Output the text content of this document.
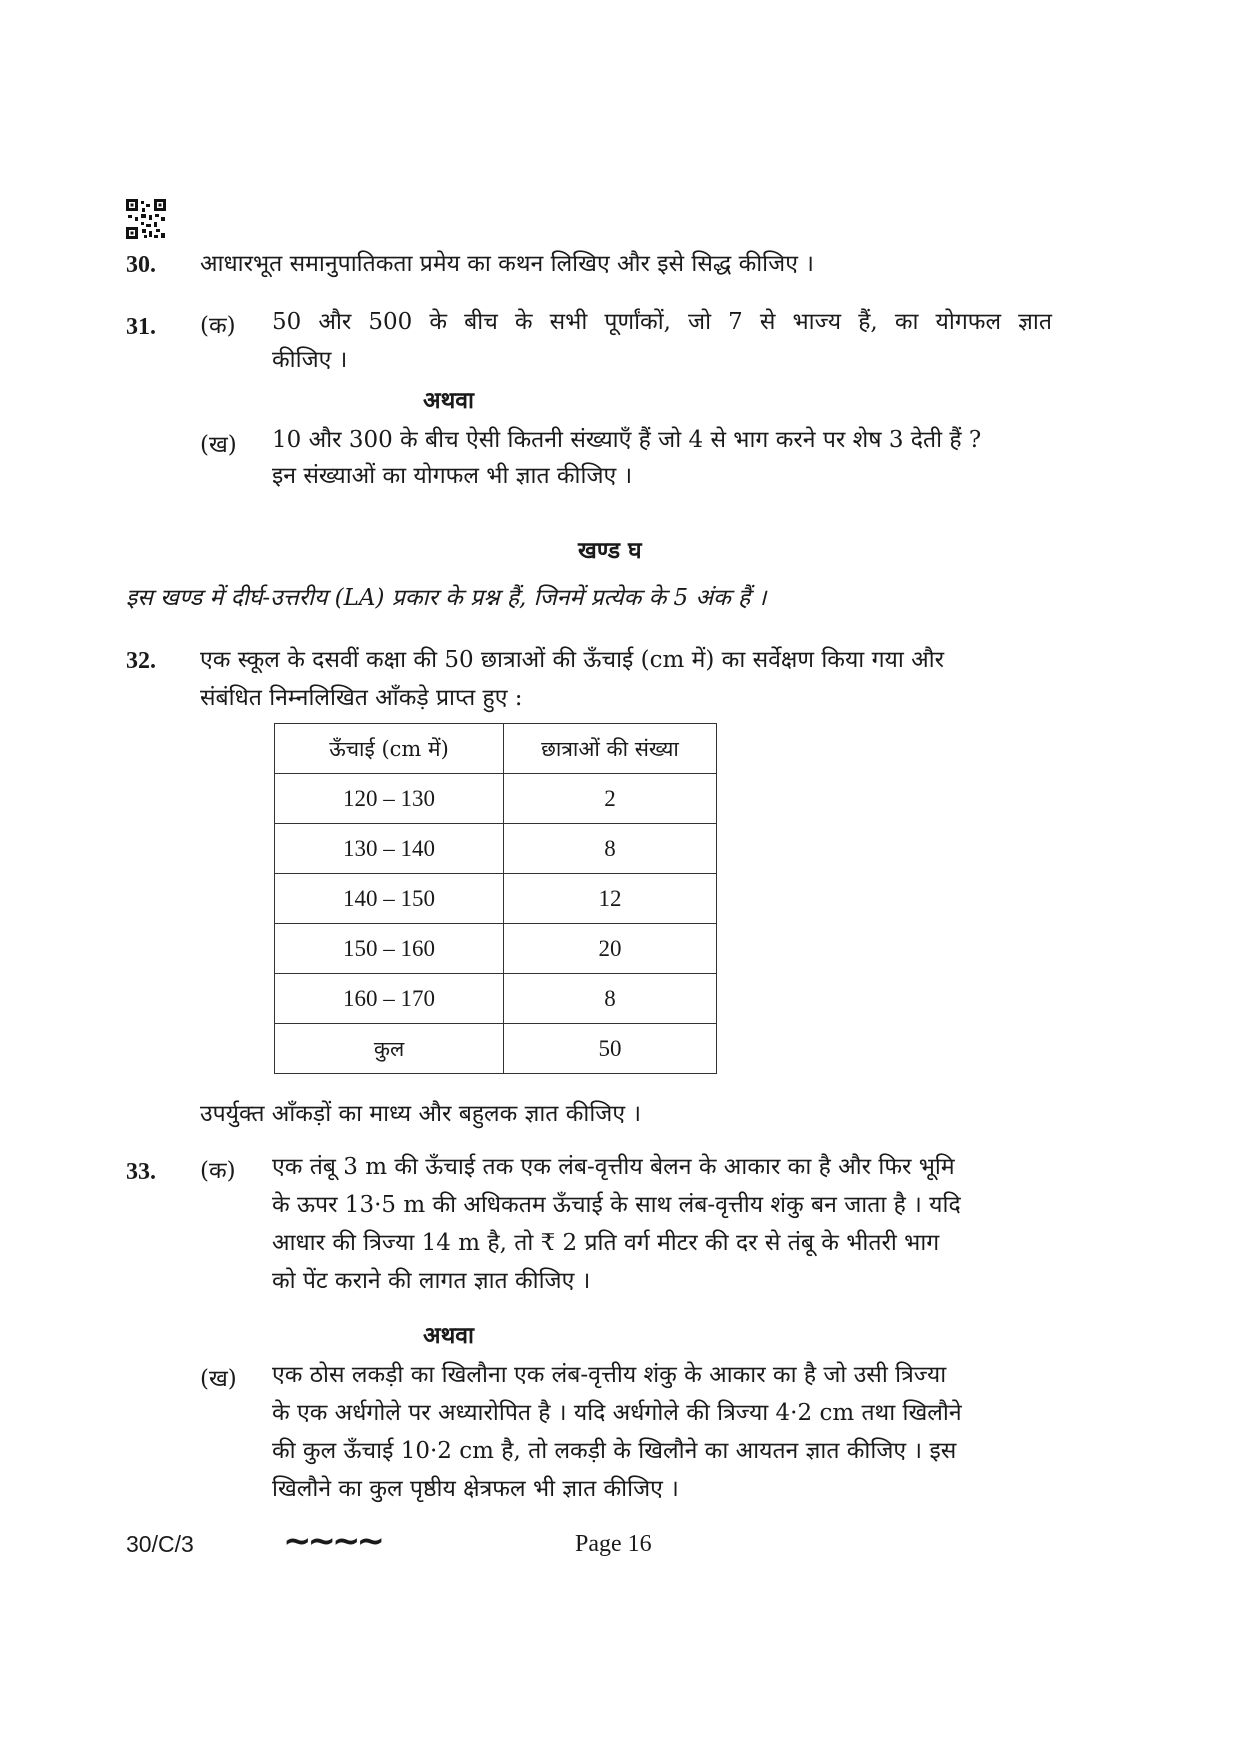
30. आधारभूत समानुपातिकता प्रमेय का कथन लिखिए और इसे सिद्ध कीजिए ।
31. (क) 50 और 500 के बीच के सभी पूर्णांकों, जो 7 से भाज्य हैं, का योगफल ज्ञात
कीजिए ।
अथवा
(ख) 10 और 300 के बीच ऐसी कितनी संख्याएँ हैं जो 4 से भाग करने पर शेष 3 देती हैं ?
इन संख्याओं का योगफल भी ज्ञात कीजिए ।
खण्ड घ
इस खण्ड में दीर्घ-उत्तरीय (LA) प्रकार के प्रश्न हैं, जिनमें प्रत्येक के 5 अंक हैं ।
32. एक स्कूल के दसवीं कक्षा की 50 छात्राओं की ऊँचाई (cm में) का सर्वेक्षण किया गया और
संबंधित निम्नलिखित आँकड़े प्राप्त हुए :
ऊँचाई (cm में)	छात्राओं की संख्या
120 – 130	2
130 – 140	8
140 – 150	12
150 – 160	20
160 – 170	8
कुल	50
उपर्युक्त आँकड़ों का माध्य और बहुलक ज्ञात कीजिए ।
33. (क) एक तंबू 3 m की ऊँचाई तक एक लंब-वृत्तीय बेलन के आकार का है और फिर भूमि
के ऊपर 13·5 m की अधिकतम ऊँचाई के साथ लंब-वृत्तीय शंकु बन जाता है । यदि
आधार की त्रिज्या 14 m है, तो ₹ 2 प्रति वर्ग मीटर की दर से तंबू के भीतरी भाग
को पेंट कराने की लागत ज्ञात कीजिए ।
अथवा
(ख) एक ठोस लकड़ी का खिलौना एक लंब-वृत्तीय शंकु के आकार का है जो उसी त्रिज्या
के एक अर्धगोले पर अध्यारोपित है । यदि अर्धगोले की त्रिज्या 4·2 cm तथा खिलौने
की कुल ऊँचाई 10·2 cm है, तो लकड़ी के खिलौने का आयतन ज्ञात कीजिए । इस
खिलौने का कुल पृष्ठीय क्षेत्रफल भी ज्ञात कीजिए ।
30/C/3	~~~~	Page 16
